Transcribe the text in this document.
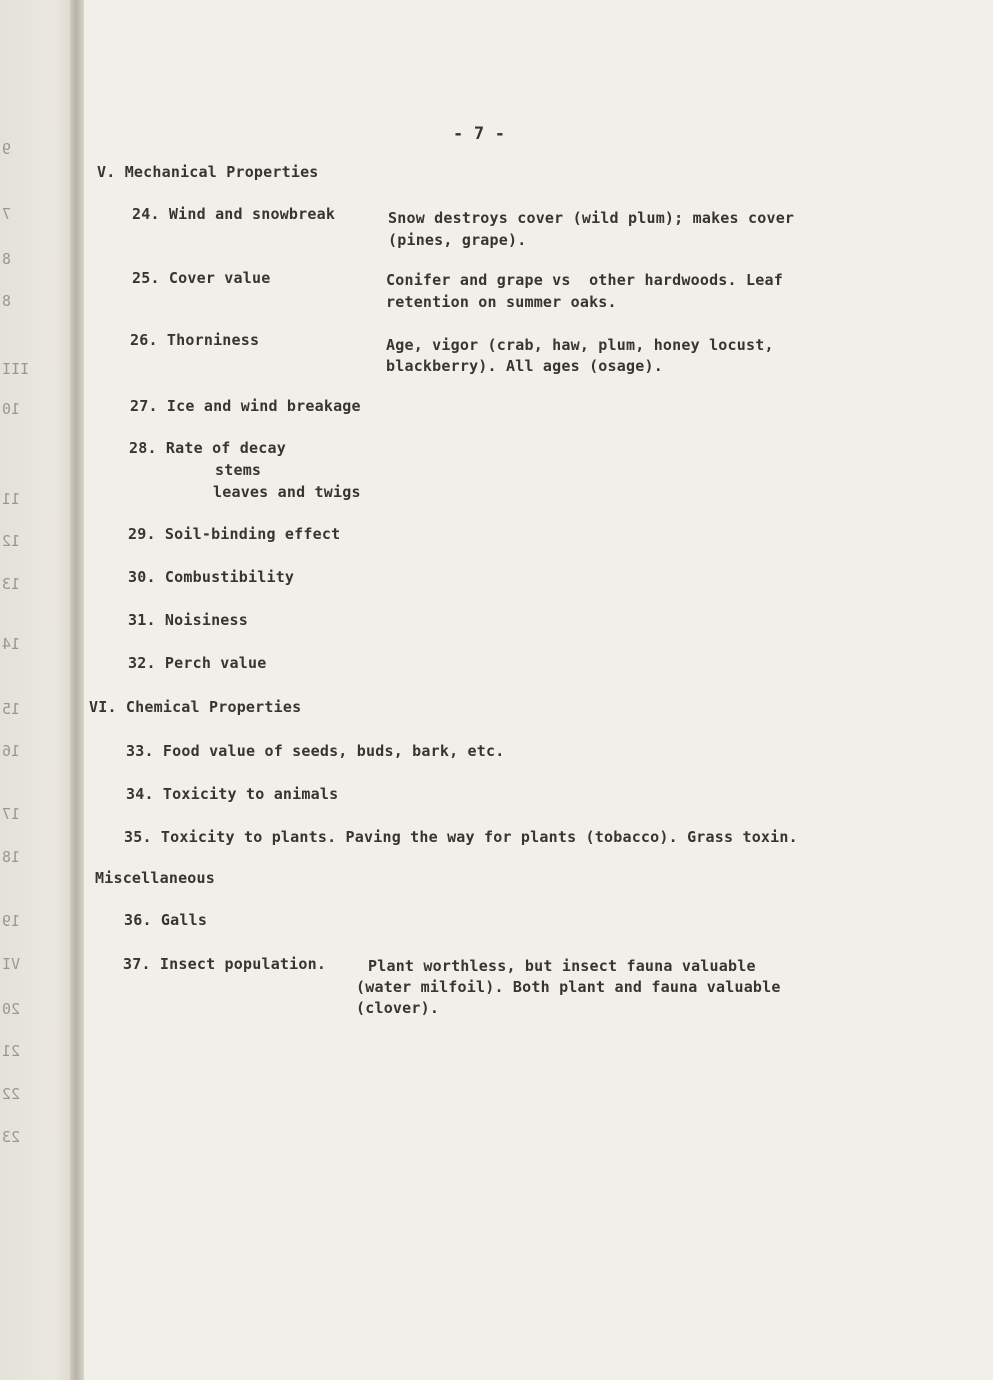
9
7
8
8
III
10
11
12
13
14
15
16
17
18
19
VI
20
21
22
23
- 7 -
V. Mechanical Properties
24. Wind and snowbreak	Snow destroys cover (wild plum); makes cover
(pines, grape).
25. Cover value	Conifer and grape vs  other hardwoods. Leaf
retention on summer oaks.
26. Thorniness	Age, vigor (crab, haw, plum, honey locust,
blackberry). All ages (osage).
27. Ice and wind breakage
28. Rate of decay
stems
leaves and twigs
29. Soil-binding effect
30. Combustibility
31. Noisiness
32. Perch value
VI. Chemical Properties
33. Food value of seeds, buds, bark, etc.
34. Toxicity to animals
35. Toxicity to plants. Paving the way for plants (tobacco). Grass toxin.
Miscellaneous
36. Galls
37. Insect population.	Plant worthless, but insect fauna valuable
(water milfoil). Both plant and fauna valuable
(clover).
